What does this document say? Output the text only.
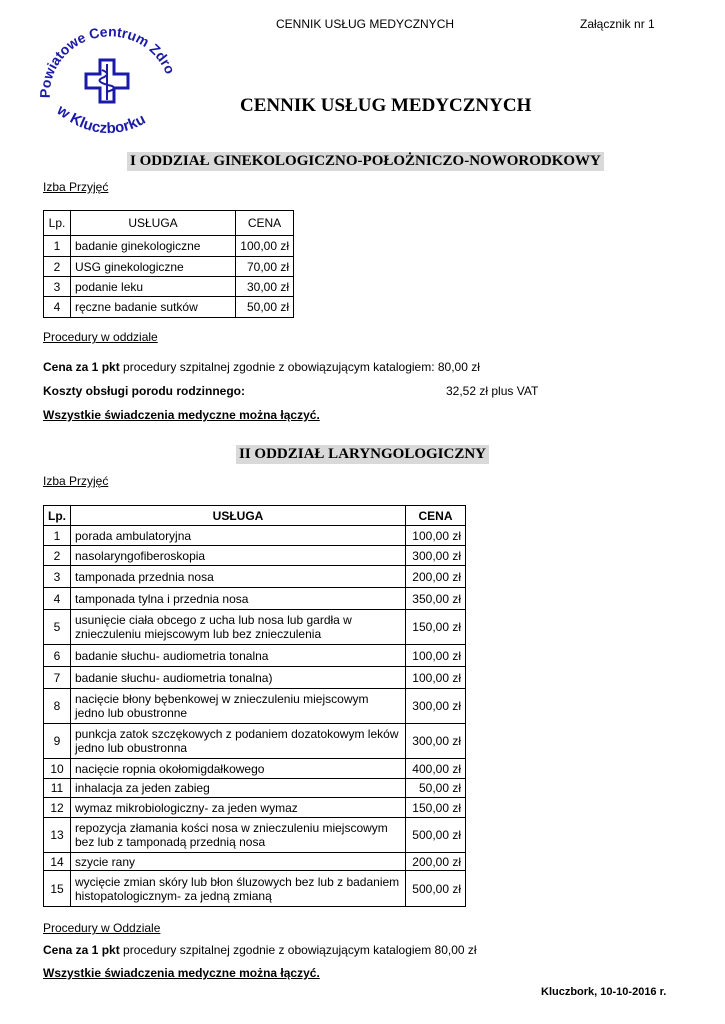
CENNIK USŁUG MEDYCZNYCH	Załącznik nr 1
Powiatowe Centrum Zdro
w Kluczborku
CENNIK USŁUG MEDYCZNYCH
I ODDZIAŁ GINEKOLOGICZNO-POŁOŻNICZO-NOWORODKOWY
Izba Przyjęć
Lp.	USŁUGA	CENA
1	badanie ginekologiczne	100,00 zł
2	USG ginekologiczne	70,00 zł
3	podanie leku	30,00 zł
4	ręczne badanie sutków	50,00 zł
Procedury w oddziale
Cena za 1 pkt procedury szpitalnej zgodnie z obowiązującym katalogiem: 80,00 zł
Koszty obsługi porodu rodzinnego:	32,52 zł plus VAT
Wszystkie świadczenia medyczne można łączyć.
II ODDZIAŁ LARYNGOLOGICZNY
Izba Przyjęć
Lp.	USŁUGA	CENA
1	porada ambulatoryjna	100,00 zł
2	nasolaryngofiberoskopia	300,00 zł
3	tamponada przednia nosa	200,00 zł
4	tamponada tylna i przednia nosa	350,00 zł
5	usunięcie ciała obcego z ucha lub nosa lub gardła w znieczuleniu miejscowym lub bez znieczulenia	150,00 zł
6	badanie słuchu- audiometria tonalna	100,00 zł
7	badanie słuchu- audiometria tonalna)	100,00 zł
8	nacięcie błony bębenkowej w znieczuleniu miejscowym jedno lub obustronne	300,00 zł
9	punkcja zatok szczękowych z podaniem dozatokowym leków jedno lub obustronna	300,00 zł
10	nacięcie ropnia okołomigdałkowego	400,00 zł
11	inhalacja za jeden zabieg	50,00 zł
12	wymaz mikrobiologiczny- za jeden wymaz	150,00 zł
13	repozycja złamania kości nosa w znieczuleniu miejscowym bez lub z tamponadą przednią nosa	500,00 zł
14	szycie rany	200,00 zł
15	wycięcie zmian skóry lub błon śluzowych bez lub z badaniem histopatologicznym- za jedną zmianą	500,00 zł
Procedury w Oddziale
Cena za 1 pkt procedury szpitalnej zgodnie z obowiązującym katalogiem 80,00 zł
Wszystkie świadczenia medyczne można łączyć.
Kluczbork, 10-10-2016 r.
